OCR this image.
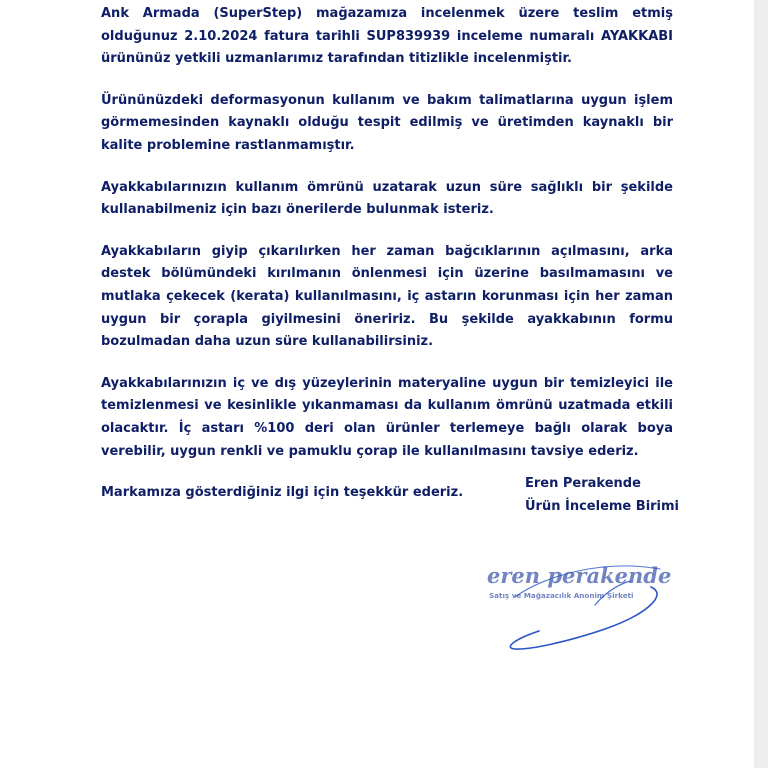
Ank Armada (SuperStep) mağazamıza incelenmek üzere teslim etmiş olduğunuz 2.10.2024 fatura tarihli SUP839939 inceleme numaralı AYAKKABI ürününüz yetkili uzmanlarımız tarafından titizlikle incelenmiştir.

Ürününüzdeki deformasyonun kullanım ve bakım talimatlarına uygun işlem görmemesinden kaynaklı olduğu tespit edilmiş ve üretimden kaynaklı bir kalite problemine rastlanmamıştır.

Ayakkabılarınızın kullanım ömrünü uzatarak uzun süre sağlıklı bir şekilde kullanabilmeniz için bazı önerilerde bulunmak isteriz.

Ayakkabıların giyip çıkarılırken her zaman bağcıklarının açılmasını, arka destek bölümündeki kırılmanın önlenmesi için üzerine basılmamasını ve mutlaka çekecek (kerata) kullanılmasını, iç astarın korunması için her zaman uygun bir çorapla giyilmesini öneririz. Bu şekilde ayakkabının formu bozulmadan daha uzun süre kullanabilirsiniz.

Ayakkabılarınızın iç ve dış yüzeylerinin materyaline uygun bir temizleyici ile temizlenmesi ve kesinlikle yıkanmaması da kullanım ömrünü uzatmada etkili olacaktır. İç astarı %100 deri olan ürünler terlemeye bağlı olarak boya verebilir, uygun renkli ve pamuklu çorap ile kullanılmasını tavsiye ederiz.

Markamıza gösterdiğiniz ilgi için teşekkür ederiz.

Eren Perakende
Ürün İnceleme Birimi
eren perakende
Satış ve Mağazacılık Anonim Şirketi
